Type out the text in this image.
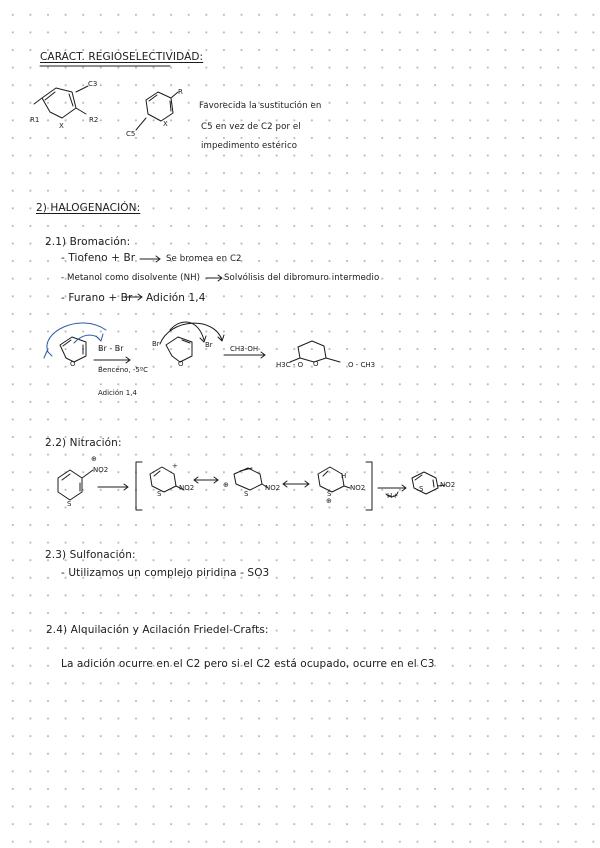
CARACT. REGIOSELECTIVIDAD:
C3
R1
X
R2
R
X
C5
Favorecida la sustitución en
C5 en vez de C2 por el
impedimento estérico
2) HALOGENACIÓN:
2.1) Bromación:
- Tiofeno + Br	Se bromea en C2
- Metanol como disolvente (NH)	Solvólisis del dibromuro intermedio
- Furano + Br Adición 1,4
Br - Br
O
Benceno, -5ºC
Br	Br
O
CH3-OH
O
H3C - O	O - CH3
Adición 1,4
2.2) Nitración:
⊕
NO2
S
+
NO2
S
⊕	NO2
S
H
NO2
S
⊕
H+
S NO2
2.3) Sulfonación:
- Utilizamos un complejo piridina - SO3
2.4) Alquilación y Acilación Friedel-Crafts:
La adición ocurre en el C2 pero si el C2 está ocupado, ocurre en el C3
